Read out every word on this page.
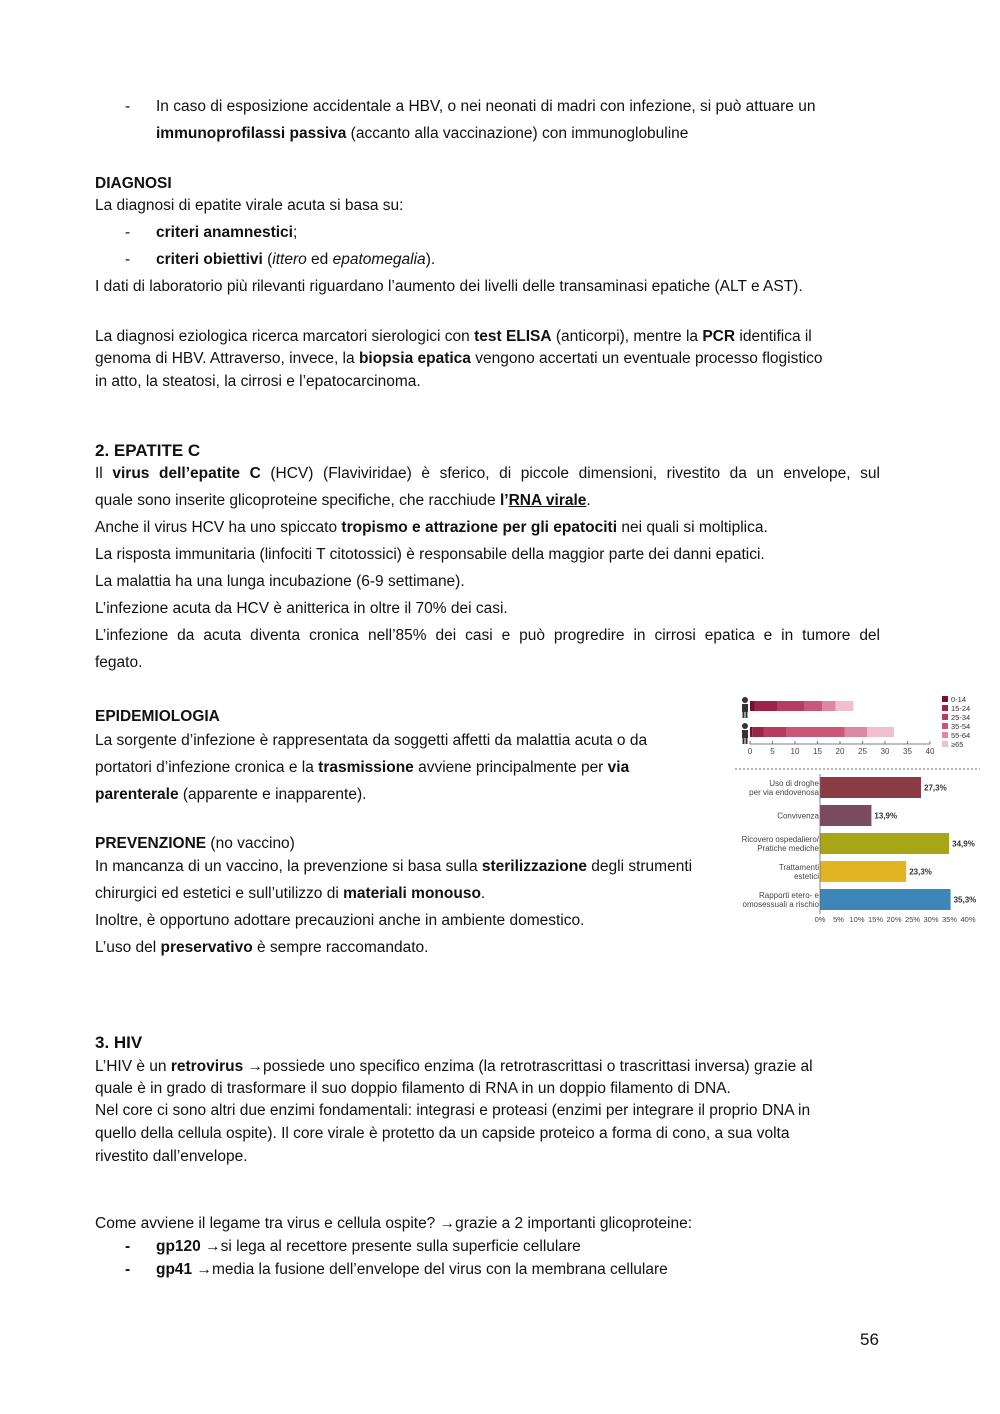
- In caso di esposizione accidentale a HBV, o nei neonati di madri con infezione, si può attuare un
immunoprofilassi passiva (accanto alla vaccinazione) con immunoglobuline
DIAGNOSI
La diagnosi di epatite virale acuta si basa su:
- criteri anamnestici;
- criteri obiettivi (ittero ed epatomegalia).
I dati di laboratorio più rilevanti riguardano l’aumento dei livelli delle transaminasi epatiche (ALT e AST).
La diagnosi eziologica ricerca marcatori sierologici con test ELISA (anticorpi), mentre la PCR identifica il
genoma di HBV. Attraverso, invece, la biopsia epatica vengono accertati un eventuale processo flogistico
in atto, la steatosi, la cirrosi e l’epatocarcinoma.
2. EPATITE C
Il virus dell’epatite C (HCV) (Flaviviridae) è sferico, di piccole dimensioni, rivestito da un envelope, sul
quale sono inserite glicoproteine specifiche, che racchiude l’RNA virale.
Anche il virus HCV ha uno spiccato tropismo e attrazione per gli epatociti nei quali si moltiplica.
La risposta immunitaria (linfociti T citotossici) è responsabile della maggior parte dei danni epatici.
La malattia ha una lunga incubazione (6-9 settimane).
L’infezione acuta da HCV è anitterica in oltre il 70% dei casi.
L’infezione da acuta diventa cronica nell’85% dei casi e può progredire in cirrosi epatica e in tumore del
fegato.
EPIDEMIOLOGIA
La sorgente d’infezione è rappresentata da soggetti affetti da malattia acuta o da
portatori d’infezione cronica e la trasmissione avviene principalmente per via
parenterale (apparente e inapparente).
PREVENZIONE (no vaccino)
In mancanza di un vaccino, la prevenzione si basa sulla sterilizzazione degli strumenti
chirurgici ed estetici e sull’utilizzo di materiali monouso.
Inoltre, è opportuno adottare precauzioni anche in ambiente domestico.
L’uso del preservativo è sempre raccomandato.
3. HIV
L’HIV è un retrovirus →possiede uno specifico enzima (la retrotrascrittasi o trascrittasi inversa) grazie al
quale è in grado di trasformare il suo doppio filamento di RNA in un doppio filamento di DNA.
Nel core ci sono altri due enzimi fondamentali: integrasi e proteasi (enzimi per integrare il proprio DNA in
quello della cellula ospite). Il core virale è protetto da un capside proteico a forma di cono, a sua volta
rivestito dall’envelope.
Come avviene il legame tra virus e cellula ospite? →grazie a 2 importanti glicoproteine:
- gp120 →si lega al recettore presente sulla superficie cellulare
- gp41 →media la fusione dell’envelope del virus con la membrana cellulare
56
0 5 10 15 20 25 30 35 40
0-14
15-24
25-34
35-54
55-64
≥65
Uso di droghe per via endovenosa	27,3%
Convivenza	13,9%
Ricovero ospedaliero/ Pratiche mediche	34,9%
Trattamenti estetici	23,3%
Rapporti etero- e omosessuali a rischio	35,3%
0% 5% 10% 15% 20% 25% 30% 35% 40%
